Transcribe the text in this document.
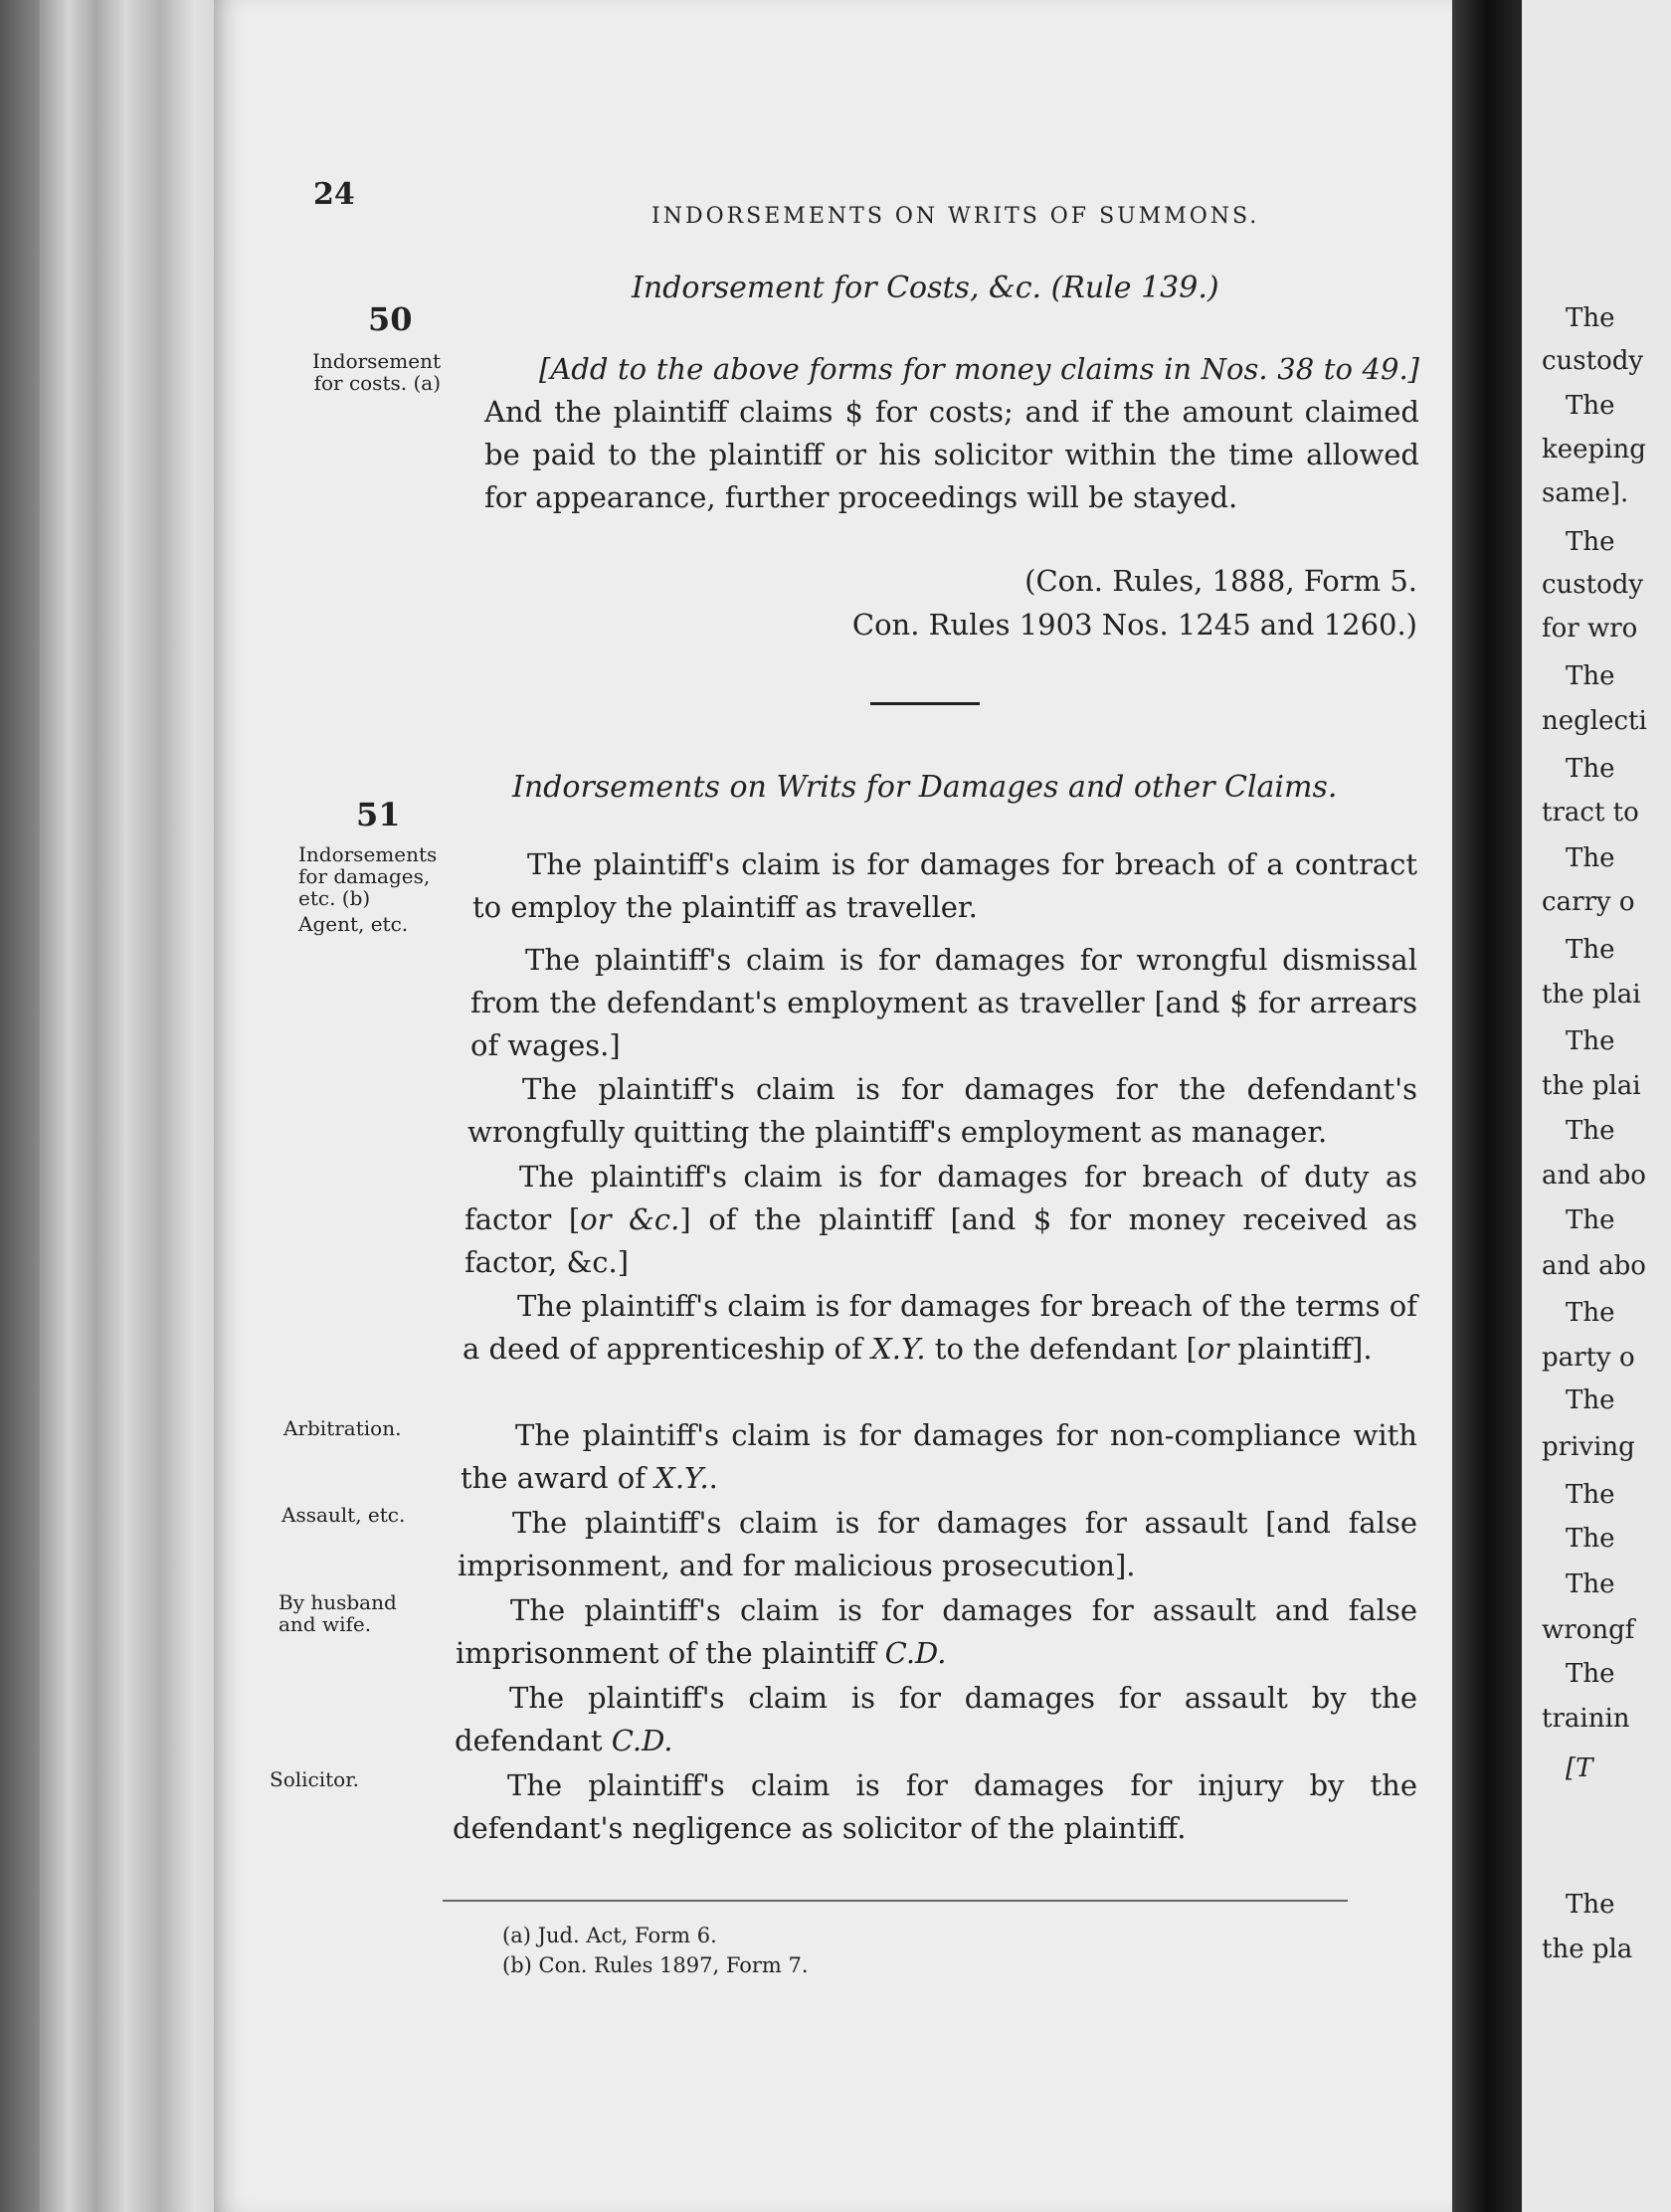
24
INDORSEMENTS ON WRITS OF SUMMONS.
Indorsement for Costs, &c. (Rule 139.)
50
Indorsement for costs. (a)	[Add to the above forms for money claims in Nos. 38 to 49.] And the plaintiff claims $ for costs; and if the amount claimed be paid to the plaintiff or his solicitor within the time allowed for appearance, further proceedings will be stayed.
(Con. Rules, 1888, Form 5.
Con. Rules 1903 Nos. 1245 and 1260.)
Indorsements on Writs for Damages and other Claims.
51
Indorsements for damages, etc. (b)
Agent, etc.
The plaintiff's claim is for damages for breach of a contract to employ the plaintiff as traveller.
The plaintiff's claim is for damages for wrongful dismissal from the defendant's employment as traveller [and $ for arrears of wages.]
The plaintiff's claim is for damages for the defendant's wrongfully quitting the plaintiff's employment as manager.
The plaintiff's claim is for damages for breach of duty as factor [or &c.] of the plaintiff [and $ for money received as factor, &c.]
The plaintiff's claim is for damages for breach of the terms of a deed of apprenticeship of X.Y. to the defendant [or plaintiff].
Arbitration.	The plaintiff's claim is for damages for non-compliance with the award of X.Y..
Assault, etc.	The plaintiff's claim is for damages for assault [and false imprisonment, and for malicious prosecution].
By husband and wife.	The plaintiff's claim is for damages for assault and false imprisonment of the plaintiff C.D.
The plaintiff's claim is for damages for assault by the defendant C.D.
Solicitor.	The plaintiff's claim is for damages for injury by the defendant's negligence as solicitor of the plaintiff.
(a) Jud. Act, Form 6.
(b) Con. Rules 1897, Form 7.
The
custody
The
keeping
same].
The
custody
for wro
The
neglecti
The
tract to
The
carry o
The
the plai
The
the plai
The
and abo
The
and abo
The
party o
The
priving
The
The
The
wrongf
The
trainin
[T
The
the pla
